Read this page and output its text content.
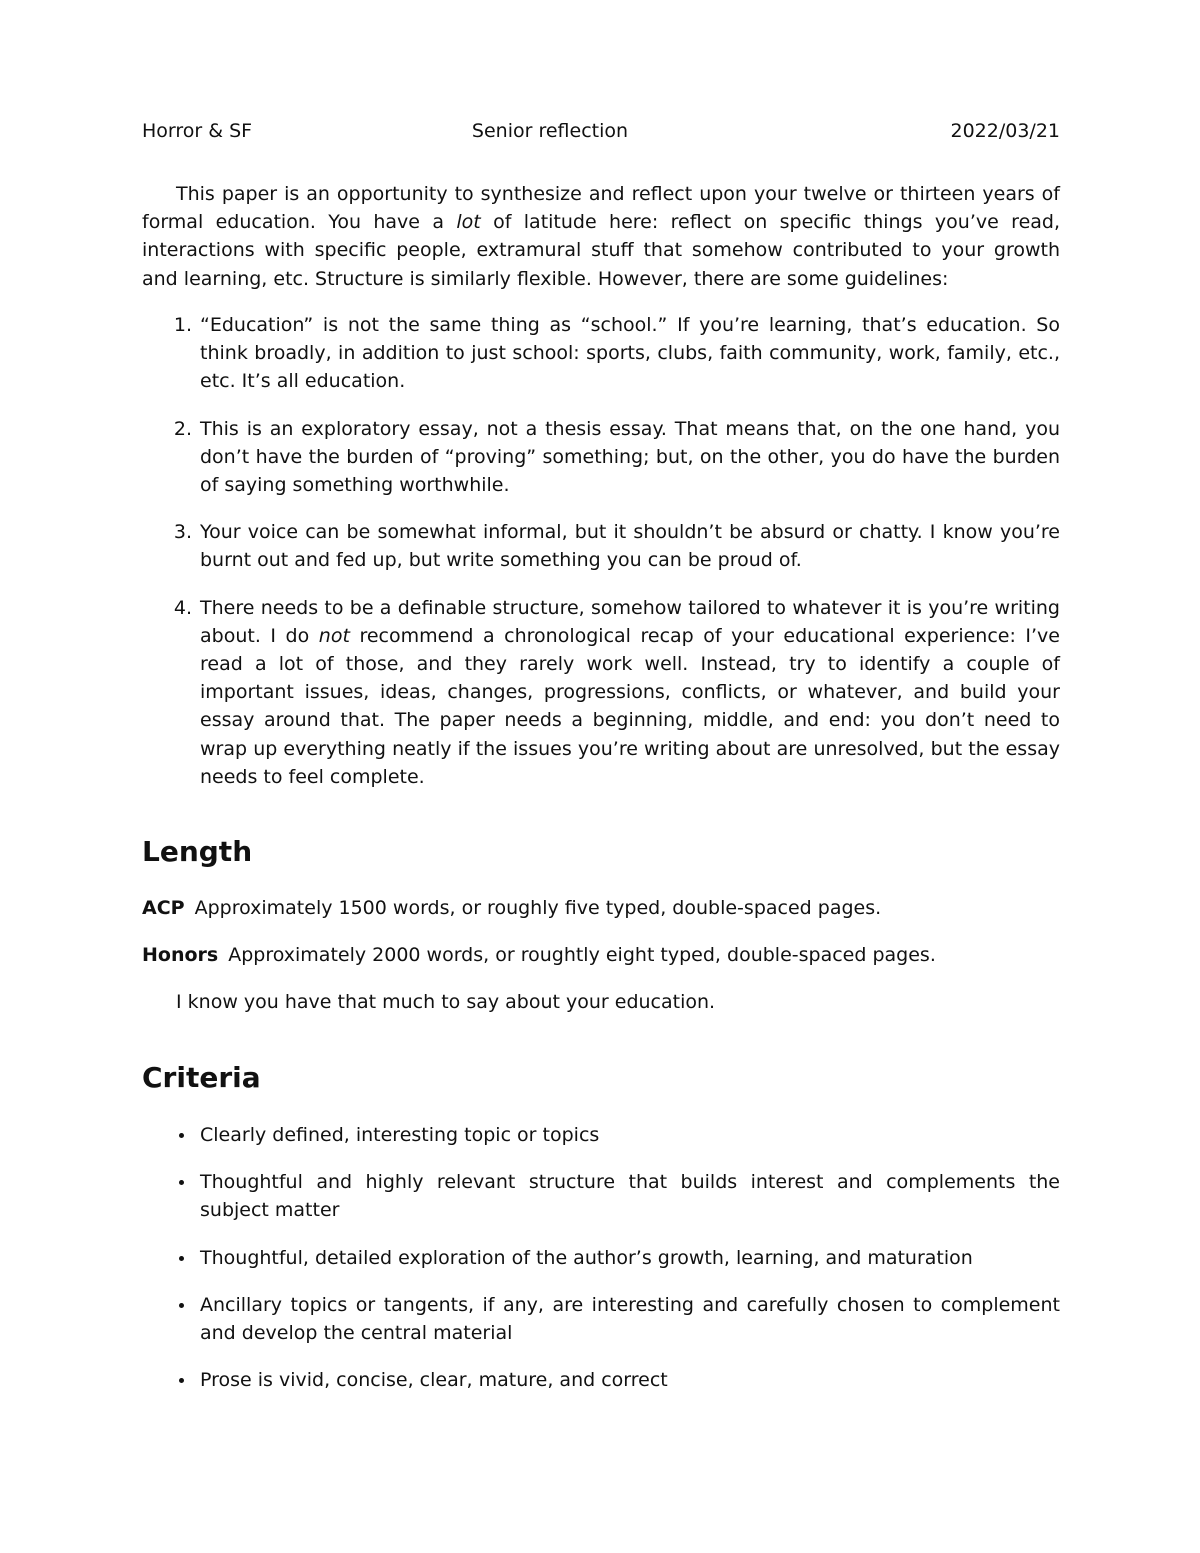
Horror & SF	Senior reflection	2022/03/21

This paper is an opportunity to synthesize and reflect upon your twelve or thirteen years of formal education. You have a lot of latitude here: reflect on specific things you’ve read, interactions with specific people, extramural stuff that somehow contributed to your growth and learning, etc. Structure is similarly flexible. However, there are some guidelines:

1. “Education” is not the same thing as “school.” If you’re learning, that’s education. So think broadly, in addition to just school: sports, clubs, faith community, work, family, etc., etc. It’s all education.
2. This is an exploratory essay, not a thesis essay. That means that, on the one hand, you don’t have the burden of “proving” something; but, on the other, you do have the burden of saying something worthwhile.
3. Your voice can be somewhat informal, but it shouldn’t be absurd or chatty. I know you’re burnt out and fed up, but write something you can be proud of.
4. There needs to be a definable structure, somehow tailored to whatever it is you’re writing about. I do not recommend a chronological recap of your educational experience: I’ve read a lot of those, and they rarely work well. Instead, try to identify a couple of important issues, ideas, changes, progressions, conflicts, or whatever, and build your essay around that. The paper needs a beginning, middle, and end: you don’t need to wrap up everything neatly if the issues you’re writing about are unresolved, but the essay needs to feel complete.
Length

ACP Approximately 1500 words, or roughly five typed, double-spaced pages.

Honors Approximately 2000 words, or roughtly eight typed, double-spaced pages.

I know you have that much to say about your education.

Criteria
Clearly defined, interesting topic or topics
Thoughtful and highly relevant structure that builds interest and complements the subject matter
Thoughtful, detailed exploration of the author’s growth, learning, and maturation
Ancillary topics or tangents, if any, are interesting and carefully chosen to complement and develop the central material
Prose is vivid, concise, clear, mature, and correct
